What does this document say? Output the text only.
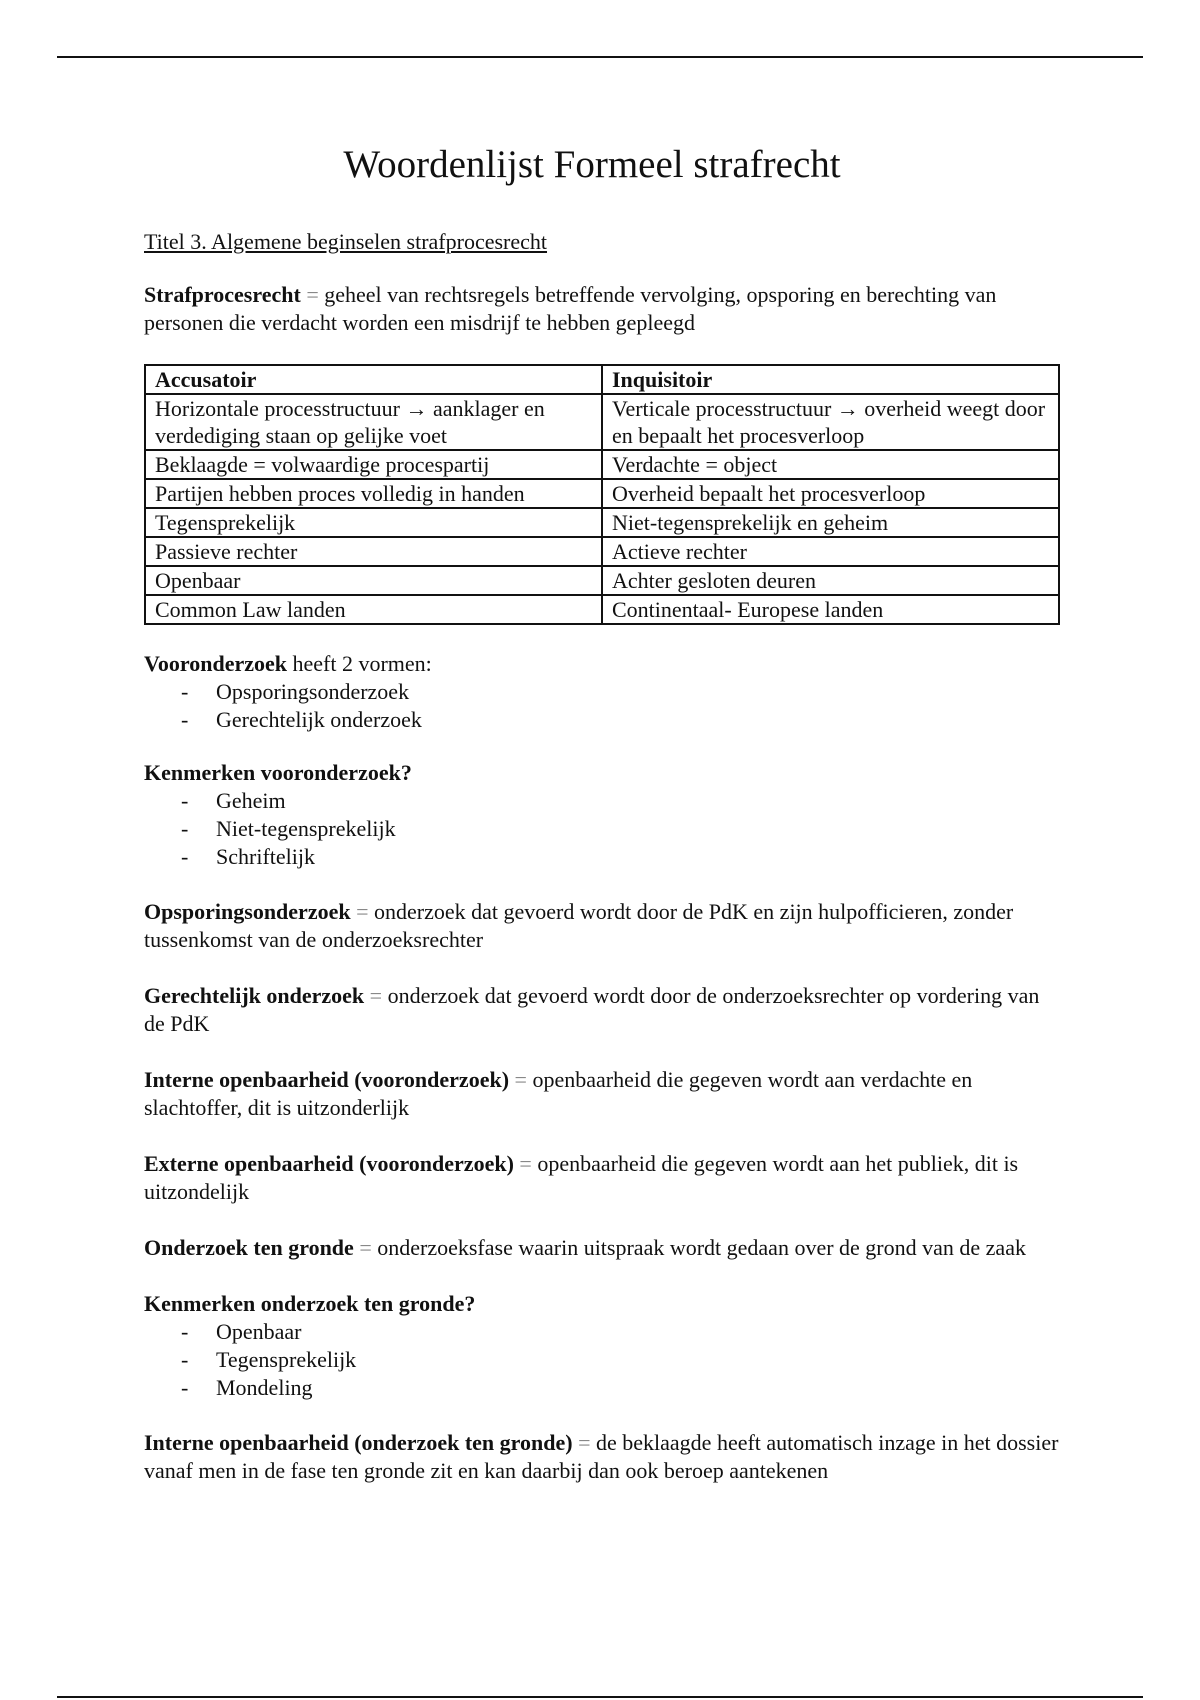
Woordenlijst Formeel strafrecht

Titel 3. Algemene beginselen strafprocesrecht

Strafprocesrecht = geheel van rechtsregels betreffende vervolging, opsporing en berechting van personen die verdacht worden een misdrijf te hebben gepleegd

Accusatoir	Inquisitoir
Horizontale processtructuur → aanklager en verdediging staan op gelijke voet	Verticale processtructuur → overheid weegt door en bepaalt het procesverloop
Beklaagde = volwaardige procespartij	Verdachte = object
Partijen hebben proces volledig in handen	Overheid bepaalt het procesverloop
Tegensprekelijk	Niet-tegensprekelijk en geheim
Passieve rechter	Actieve rechter
Openbaar	Achter gesloten deuren
Common Law landen	Continentaal- Europese landen

Vooronderzoek heeft 2 vormen:

- Opsporingsonderzoek
- Gerechtelijk onderzoek

Kenmerken vooronderzoek?

- Geheim
- Niet-tegensprekelijk
- Schriftelijk

Opsporingsonderzoek = onderzoek dat gevoerd wordt door de PdK en zijn hulpofficieren, zonder tussenkomst van de onderzoeksrechter

Gerechtelijk onderzoek = onderzoek dat gevoerd wordt door de onderzoeksrechter op vordering van de PdK

Interne openbaarheid (vooronderzoek) = openbaarheid die gegeven wordt aan verdachte en slachtoffer, dit is uitzonderlijk

Externe openbaarheid (vooronderzoek) = openbaarheid die gegeven wordt aan het publiek, dit is uitzondelijk

Onderzoek ten gronde = onderzoeksfase waarin uitspraak wordt gedaan over de grond van de zaak

Kenmerken onderzoek ten gronde?

- Openbaar
- Tegensprekelijk
- Mondeling

Interne openbaarheid (onderzoek ten gronde) = de beklaagde heeft automatisch inzage in het dossier vanaf men in de fase ten gronde zit en kan daarbij dan ook beroep aantekenen
